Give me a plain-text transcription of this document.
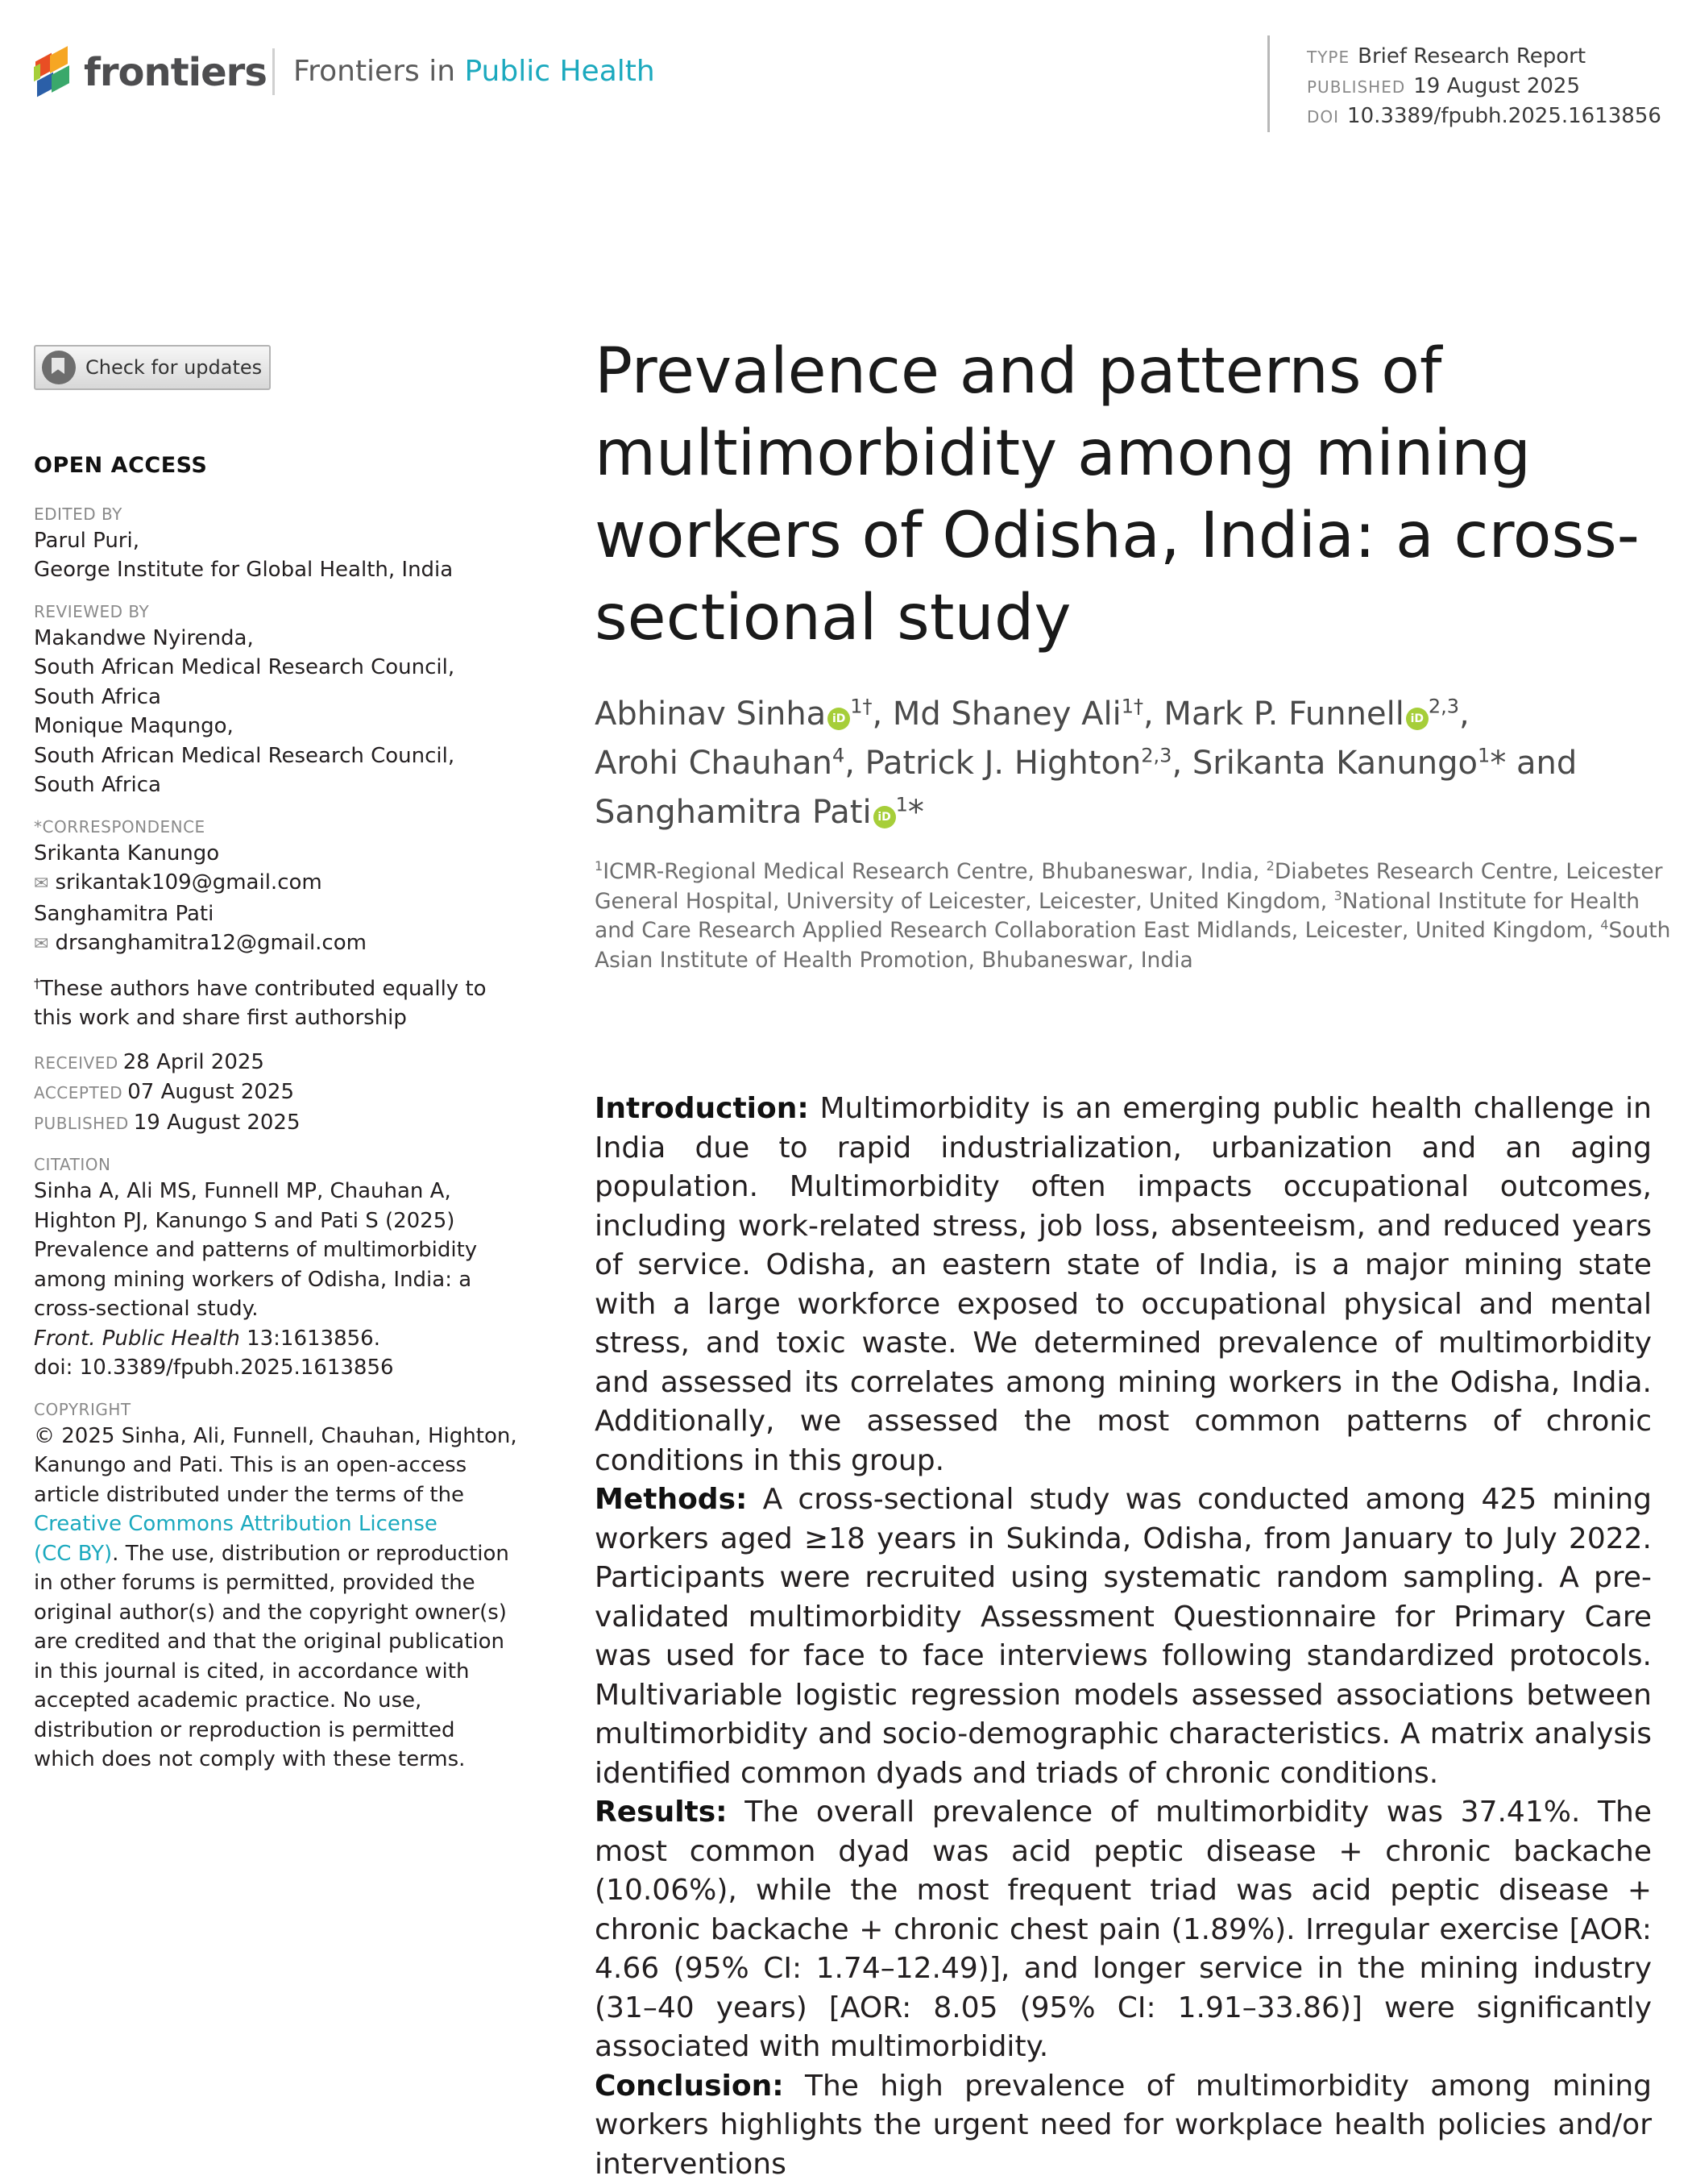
frontiers Frontiers in Public Health	TYPE Brief Research Report
PUBLISHED 19 August 2025
DOI 10.3389/fpubh.2025.1613856
Check for updates
OPEN ACCESS
EDITED BY
Parul Puri,
George Institute for Global Health, India
REVIEWED BY
Makandwe Nyirenda,
South African Medical Research Council,
South Africa
Monique Maqungo,
South African Medical Research Council,
South Africa
*CORRESPONDENCE
Srikanta Kanungo
✉ srikantak109@gmail.com
Sanghamitra Pati
✉ drsanghamitra12@gmail.com
†These authors have contributed equally to
this work and share first authorship
RECEIVED 28 April 2025
ACCEPTED 07 August 2025
PUBLISHED 19 August 2025
CITATION
Sinha A, Ali MS, Funnell MP, Chauhan A,
Highton PJ, Kanungo S and Pati S (2025)
Prevalence and patterns of multimorbidity
among mining workers of Odisha, India: a
cross-sectional study.
Front. Public Health 13:1613856.
doi: 10.3389/fpubh.2025.1613856
COPYRIGHT
© 2025 Sinha, Ali, Funnell, Chauhan, Highton,
Kanungo and Pati. This is an open-access
article distributed under the terms of the
Creative Commons Attribution License
(CC BY). The use, distribution or reproduction
in other forums is permitted, provided the
original author(s) and the copyright owner(s)
are credited and that the original publication
in this journal is cited, in accordance with
accepted academic practice. No use,
distribution or reproduction is permitted
which does not comply with these terms.
Prevalence and patterns of multimorbidity among mining workers of Odisha, India: a cross-sectional study
Abhinav Sinha $iD^{1\dagger}$, Md Shaney Ali$^{1\dagger}$, Mark P. Funnell iD$^{2,3}$,
Arohi Chauhan$^4$, Patrick J. Highton$^{2,3}$, Srikanta Kanungo$^1$* and
Sanghamitra Pati $iD^1*$
$^1$ICMR-Regional Medical Research Centre, Bhubaneswar, India, $^2$Diabetes Research Centre, Leicester General Hospital, University of Leicester, Leicester, United Kingdom, $^3$National Institute for Health and Care Research Applied Research Collaboration East Midlands, Leicester, United Kingdom, $^4$South Asian Institute of Health Promotion, Bhubaneswar, India

Introduction: Multimorbidity is an emerging public health challenge in India due to rapid industrialization, urbanization and an aging population. Multimorbidity often impacts occupational outcomes, including work-related stress, job loss, absenteeism, and reduced years of service. Odisha, an eastern state of India, is a major mining state with a large workforce exposed to occupational physical and mental stress, and toxic waste. We determined prevalence of multimorbidity and assessed its correlates among mining workers in the Odisha, India. Additionally, we assessed the most common patterns of chronic conditions in this group.

Methods: A cross-sectional study was conducted among 425 mining workers aged ≥18 years in Sukinda, Odisha, from January to July 2022. Participants were recruited using systematic random sampling. A pre-validated multimorbidity Assessment Questionnaire for Primary Care was used for face to face interviews following standardized protocols. Multivariable logistic regression models assessed associations between multimorbidity and socio-demographic characteristics. A matrix analysis identified common dyads and triads of chronic conditions.

Results: The overall prevalence of multimorbidity was 37.41%. The most common dyad was acid peptic disease + chronic backache (10.06%), while the most frequent triad was acid peptic disease + chronic backache + chronic chest pain (1.89%). Irregular exercise [AOR: 4.66 (95% CI: 1.74–12.49)], and longer service in the mining industry (31–40 years) [AOR: 8.05 (95% CI: 1.91–33.86)] were significantly associated with multimorbidity.

Conclusion: The high prevalence of multimorbidity among mining workers highlights the urgent need for workplace health policies and/or interventions
